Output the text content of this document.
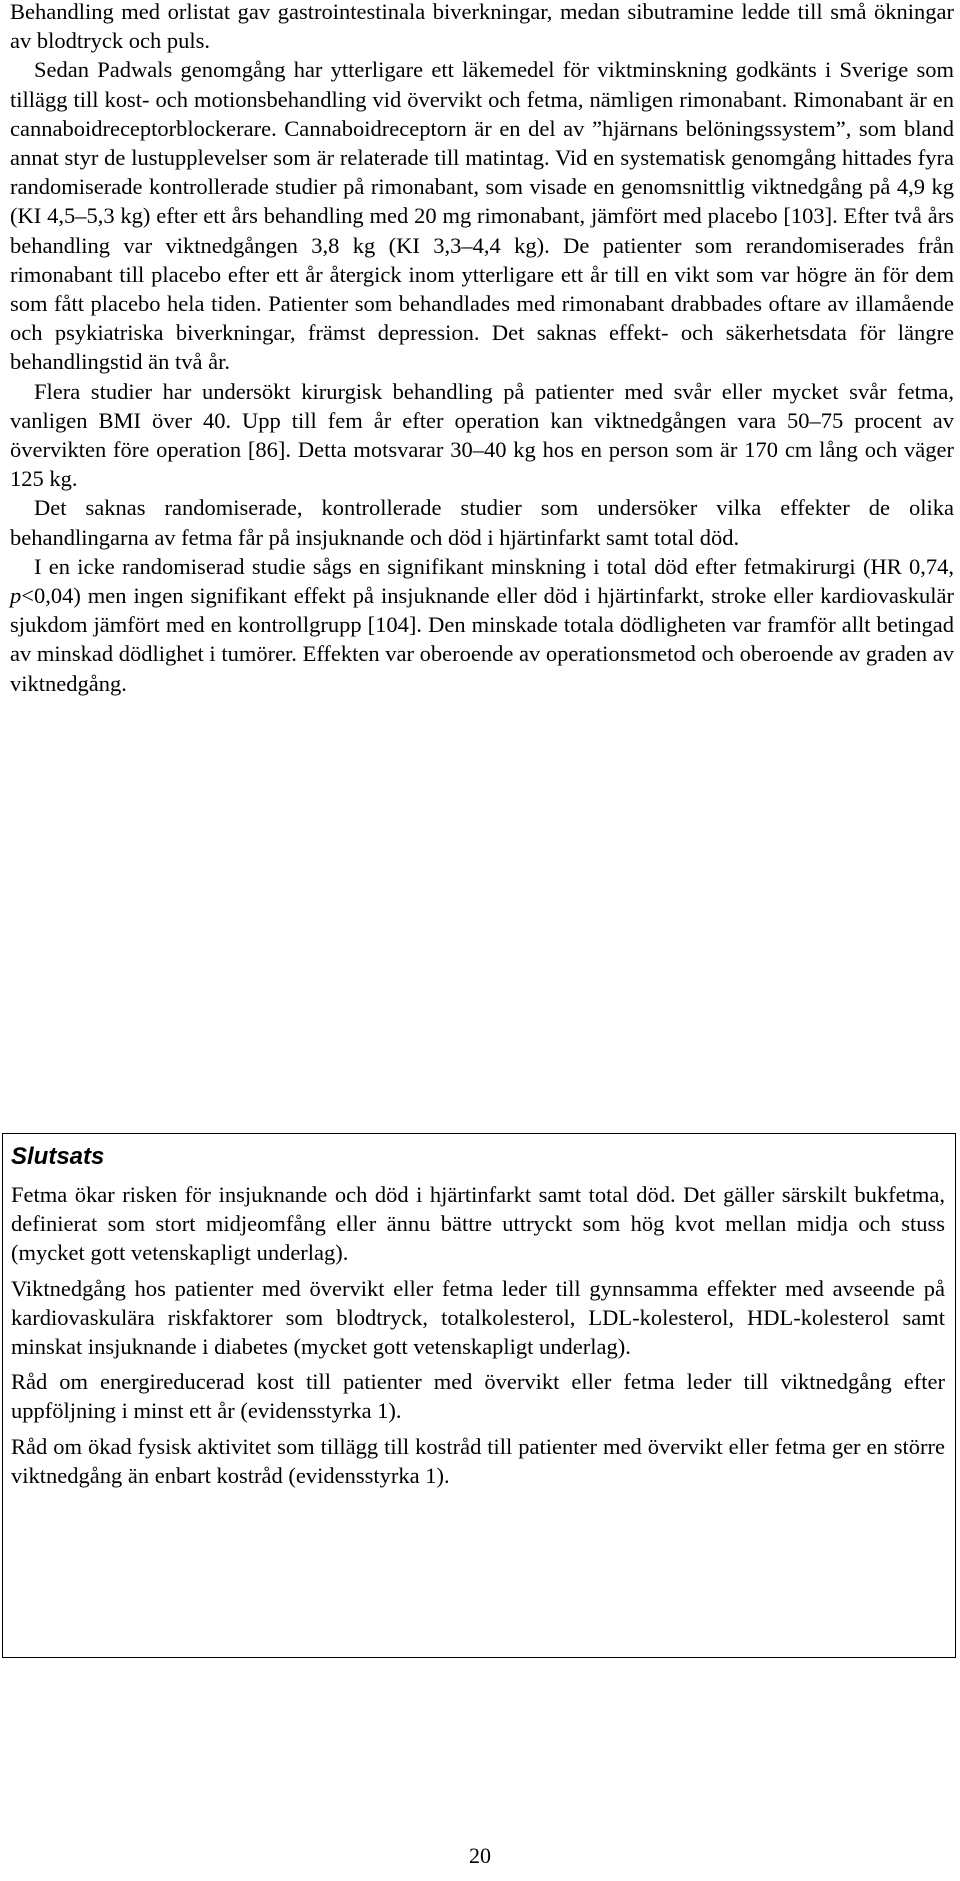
Behandling med orlistat gav gastrointestinala biverkningar, medan sibutramine ledde till små ökningar av blodtryck och puls.

Sedan Padwals genomgång har ytterligare ett läkemedel för viktminskning godkänts i Sverige som tillägg till kost- och motionsbehandling vid övervikt och fetma, nämligen rimonabant. Rimonabant är en cannaboidreceptorblockerare. Cannaboidreceptorn är en del av ”hjärnans belöningssystem”, som bland annat styr de lustupplevelser som är relaterade till matintag. Vid en systematisk genomgång hittades fyra randomiserade kontrollerade studier på rimonabant, som visade en genomsnittlig viktnedgång på 4,9 kg (KI 4,5–5,3 kg) efter ett års behandling med 20 mg rimonabant, jämfört med placebo [103]. Efter två års behandling var viktnedgången 3,8 kg (KI 3,3–4,4 kg). De patienter som rerandomiserades från rimonabant till placebo efter ett år återgick inom ytterligare ett år till en vikt som var högre än för dem som fått placebo hela tiden. Patienter som behandlades med rimonabant drabbades oftare av illamående och psykiatriska biverkningar, främst depression. Det saknas effekt- och säkerhetsdata för längre behandlingstid än två år.

Flera studier har undersökt kirurgisk behandling på patienter med svår eller mycket svår fetma, vanligen BMI över 40. Upp till fem år efter operation kan viktnedgången vara 50–75 procent av övervikten före operation [86]. Detta motsvarar 30–40 kg hos en person som är 170 cm lång och väger 125 kg.

Det saknas randomiserade, kontrollerade studier som undersöker vilka effekter de olika behandlingarna av fetma får på insjuknande och död i hjärtinfarkt samt total död.

I en icke randomiserad studie sågs en signifikant minskning i total död efter fetmakirurgi (HR 0,74, p<0,04) men ingen signifikant effekt på insjuknande eller död i hjärtinfarkt, stroke eller kardiovaskulär sjukdom jämfört med en kontrollgrupp [104]. Den minskade totala dödligheten var framför allt betingad av minskad dödlighet i tumörer. Effekten var oberoende av operationsmetod och oberoende av graden av viktnedgång.

Slutsats

Fetma ökar risken för insjuknande och död i hjärtinfarkt samt total död. Det gäller särskilt bukfetma, definierat som stort midjeomfång eller ännu bättre uttryckt som hög kvot mellan midja och stuss (mycket gott vetenskapligt underlag).

Viktnedgång hos patienter med övervikt eller fetma leder till gynnsamma effekter med avseende på kardiovaskulära riskfaktorer som blodtryck, totalkolesterol, LDL-kolesterol, HDL-kolesterol samt minskat insjuknande i diabetes (mycket gott vetenskapligt underlag).

Råd om energireducerad kost till patienter med övervikt eller fetma leder till viktnedgång efter uppföljning i minst ett år (evidensstyrka 1).

Råd om ökad fysisk aktivitet som tillägg till kostråd till patienter med övervikt eller fetma ger en större viktnedgång än enbart kostråd (evidensstyrka 1).

20
